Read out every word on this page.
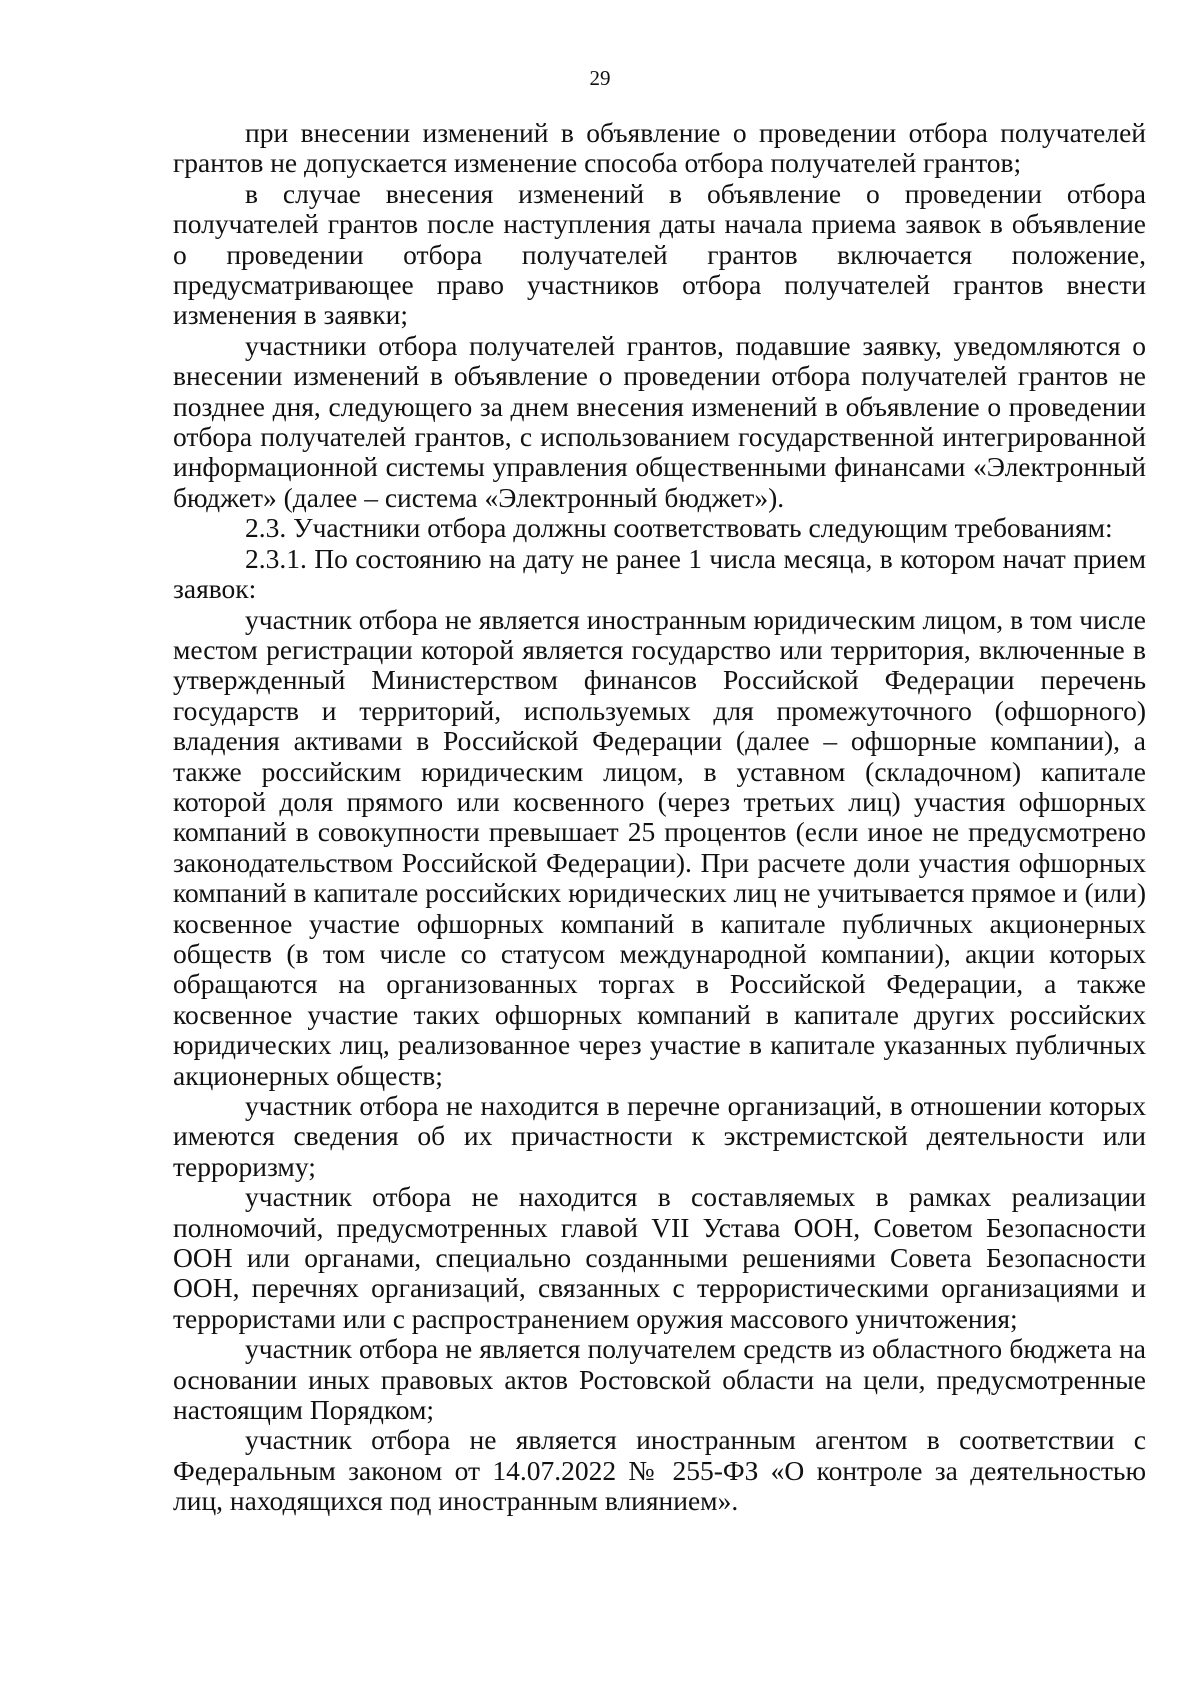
29

при внесении изменений в объявление о проведении отбора получателей грантов не допускается изменение способа отбора получателей грантов;

в случае внесения изменений в объявление о проведении отбора получателей грантов после наступления даты начала приема заявок в объявление о проведении отбора получателей грантов включается положение, предусматривающее право участников отбора получателей грантов внести изменения в заявки;

участники отбора получателей грантов, подавшие заявку, уведомляются о внесении изменений в объявление о проведении отбора получателей грантов не позднее дня, следующего за днем внесения изменений в объявление о проведении отбора получателей грантов, с использованием государственной интегрированной информационной системы управления общественными финансами «Электронный бюджет» (далее – система «Электронный бюджет»).

2.3. Участники отбора должны соответствовать следующим требованиям:

2.3.1. По состоянию на дату не ранее 1 числа месяца, в котором начат прием заявок:

участник отбора не является иностранным юридическим лицом, в том числе местом регистрации которой является государство или территория, включенные в утвержденный Министерством финансов Российской Федерации перечень государств и территорий, используемых для промежуточного (офшорного) владения активами в Российской Федерации (далее – офшорные компании), а также российским юридическим лицом, в уставном (складочном) капитале которой доля прямого или косвенного (через третьих лиц) участия офшорных компаний в совокупности превышает 25 процентов (если иное не предусмотрено законодательством Российской Федерации). При расчете доли участия офшорных компаний в капитале российских юридических лиц не учитывается прямое и (или) косвенное участие офшорных компаний в капитале публичных акционерных обществ (в том числе со статусом международной компании), акции которых обращаются на организованных торгах в Российской Федерации, а также косвенное участие таких офшорных компаний в капитале других российских юридических лиц, реализованное через участие в капитале указанных публичных акционерных обществ;

участник отбора не находится в перечне организаций, в отношении которых имеются сведения об их причастности к экстремистской деятельности или терроризму;

участник отбора не находится в составляемых в рамках реализации полномочий, предусмотренных главой VII Устава ООН, Советом Безопасности ООН или органами, специально созданными решениями Совета Безопасности ООН, перечнях организаций, связанных с террористическими организациями и террористами или с распространением оружия массового уничтожения;

участник отбора не является получателем средств из областного бюджета на основании иных правовых актов Ростовской области на цели, предусмотренные настоящим Порядком;

участник отбора не является иностранным агентом в соответствии с Федеральным законом от 14.07.2022 № 255-ФЗ «О контроле за деятельностью лиц, находящихся под иностранным влиянием».
